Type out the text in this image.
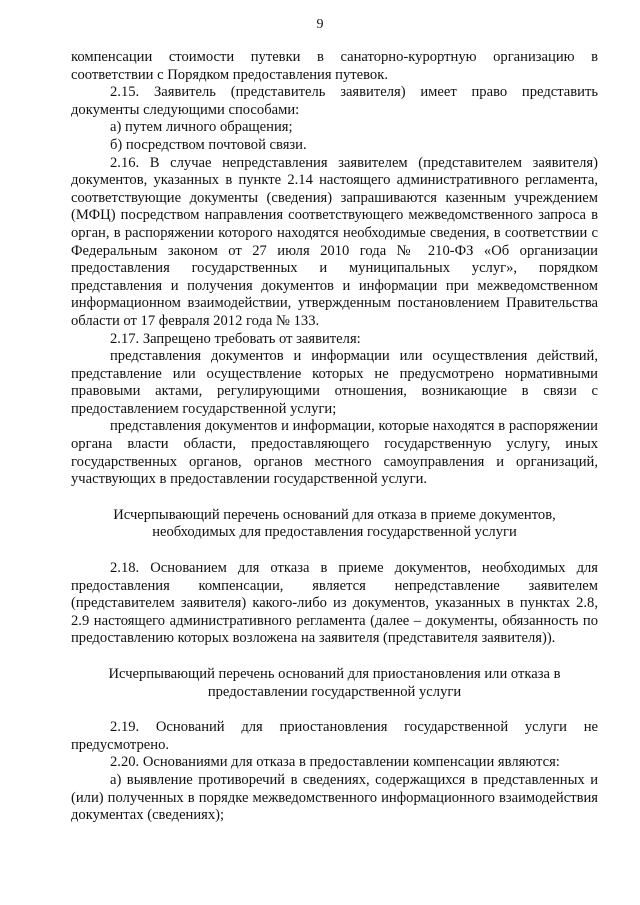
9

компенсации стоимости путевки в санаторно-курортную организацию в соответствии с Порядком предоставления путевок.

2.15. Заявитель (представитель заявителя) имеет право представить документы следующими способами:

а) путем личного обращения;

б) посредством почтовой связи.

2.16. В случае непредставления заявителем (представителем заявителя) документов, указанных в пункте 2.14 настоящего административного регламента, соответствующие документы (сведения) запрашиваются казенным учреждением (МФЦ) посредством направления соответствующего межведомственного запроса в орган, в распоряжении которого находятся необходимые сведения, в соответствии с Федеральным законом от 27 июля 2010 года № 210-ФЗ «Об организации предоставления государственных и муниципальных услуг», порядком представления и получения документов и информации при межведомственном информационном взаимодействии, утвержденным постановлением Правительства области от 17 февраля 2012 года № 133.

2.17. Запрещено требовать от заявителя:

представления документов и информации или осуществления действий, представление или осуществление которых не предусмотрено нормативными правовыми актами, регулирующими отношения, возникающие в связи с предоставлением государственной услуги;

представления документов и информации, которые находятся в распоряжении органа власти области, предоставляющего государственную услугу, иных государственных органов, органов местного самоуправления и организаций, участвующих в предоставлении государственной услуги.

Исчерпывающий перечень оснований для отказа в приеме документов,

необходимых для предоставления государственной услуги

2.18. Основанием для отказа в приеме документов, необходимых для предоставления компенсации, является непредставление заявителем (представителем заявителя) какого-либо из документов, указанных в пунктах 2.8, 2.9 настоящего административного регламента (далее – документы, обязанность по предоставлению которых возложена на заявителя (представителя заявителя)).

Исчерпывающий перечень оснований для приостановления или отказа в

предоставлении государственной услуги

2.19. Оснований для приостановления государственной услуги не предусмотрено.

2.20. Основаниями для отказа в предоставлении компенсации являются:

а) выявление противоречий в сведениях, содержащихся в представленных и (или) полученных в порядке межведомственного информационного взаимодействия документах (сведениях);
